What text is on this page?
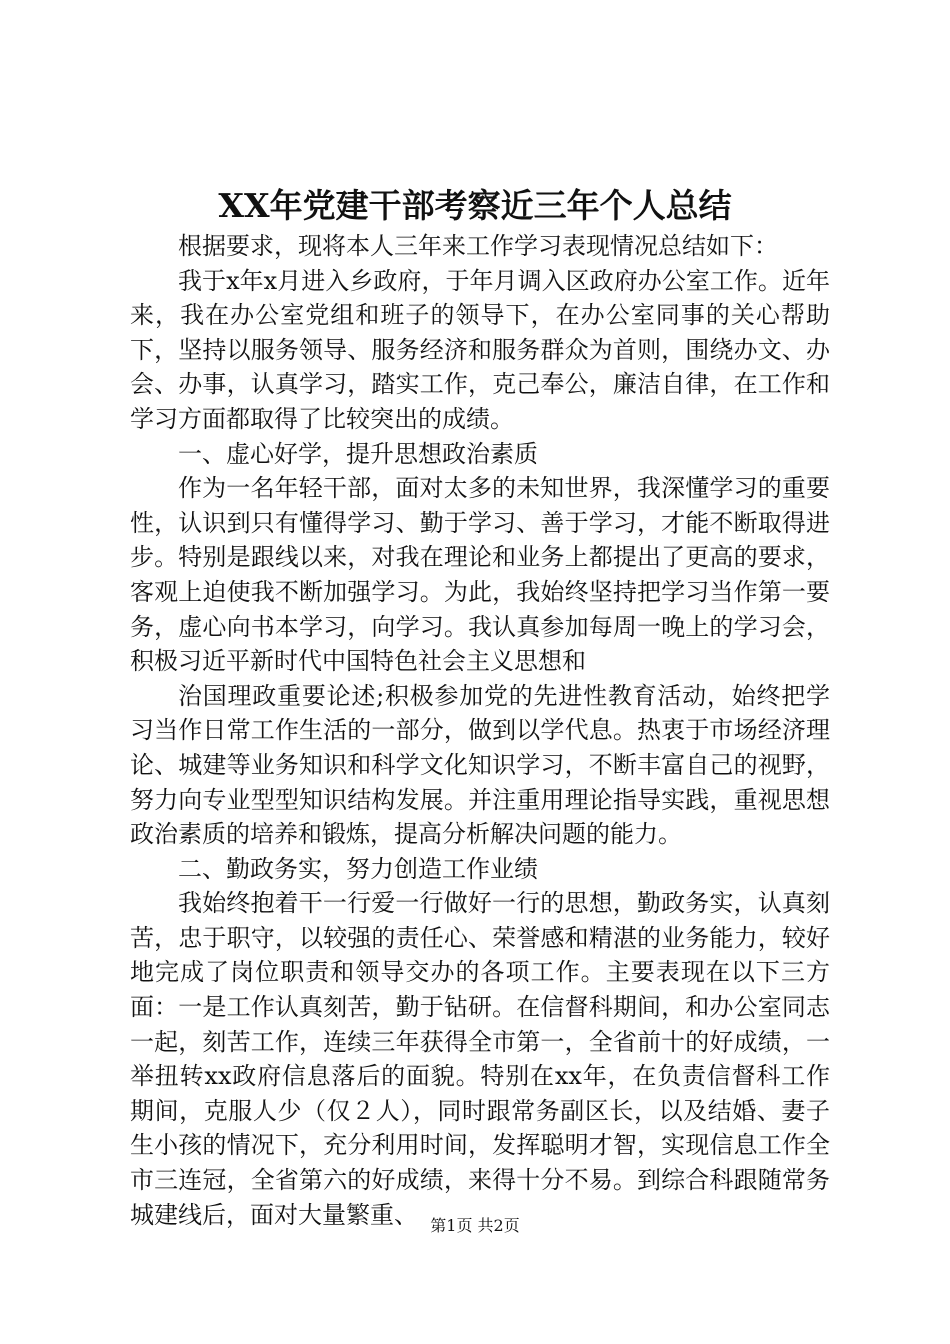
XX年党建干部考察近三年个人总结

根据要求，现将本人三年来工作学习表现情况总结如下：

我于x年x月进入乡政府，于年月调入区政府办公室工作。近年来，我在办公室党组和班子的领导下，在办公室同事的关心帮助下，坚持以服务领导、服务经济和服务群众为首则，围绕办文、办会、办事，认真学习，踏实工作，克己奉公，廉洁自律，在工作和学习方面都取得了比较突出的成绩。

一、虚心好学，提升思想政治素质

作为一名年轻干部，面对太多的未知世界，我深懂学习的重要性，认识到只有懂得学习、勤于学习、善于学习，才能不断取得进步。特别是跟线以来，对我在理论和业务上都提出了更高的要求，客观上迫使我不断加强学习。为此，我始终坚持把学习当作第一要务，虚心向书本学习，向学习。我认真参加每周一晚上的学习会，积极习近平新时代中国特色社会主义思想和

治国理政重要论述;积极参加党的先进性教育活动，始终把学习当作日常工作生活的一部分，做到以学代息。热衷于市场经济理论、城建等业务知识和科学文化知识学习，不断丰富自己的视野，努力向专业型型知识结构发展。并注重用理论指导实践，重视思想政治素质的培养和锻炼，提高分析解决问题的能力。

二、勤政务实，努力创造工作业绩

我始终抱着干一行爱一行做好一行的思想，勤政务实，认真刻苦，忠于职守，以较强的责任心、荣誉感和精湛的业务能力，较好地完成了岗位职责和领导交办的各项工作。主要表现在以下三方面：一是工作认真刻苦，勤于钻研。在信督科期间，和办公室同志一起，刻苦工作，连续三年获得全市第一，全省前十的好成绩，一举扭转xx政府信息落后的面貌。特别在xx年，在负责信督科工作期间，克服人少（仅２人），同时跟常务副区长，以及结婚、妻子生小孩的情况下，充分利用时间，发挥聪明才智，实现信息工作全市三连冠，全省第六的好成绩，来得十分不易。到综合科跟随常务城建线后，面对大量繁重、 第1页 共2页
